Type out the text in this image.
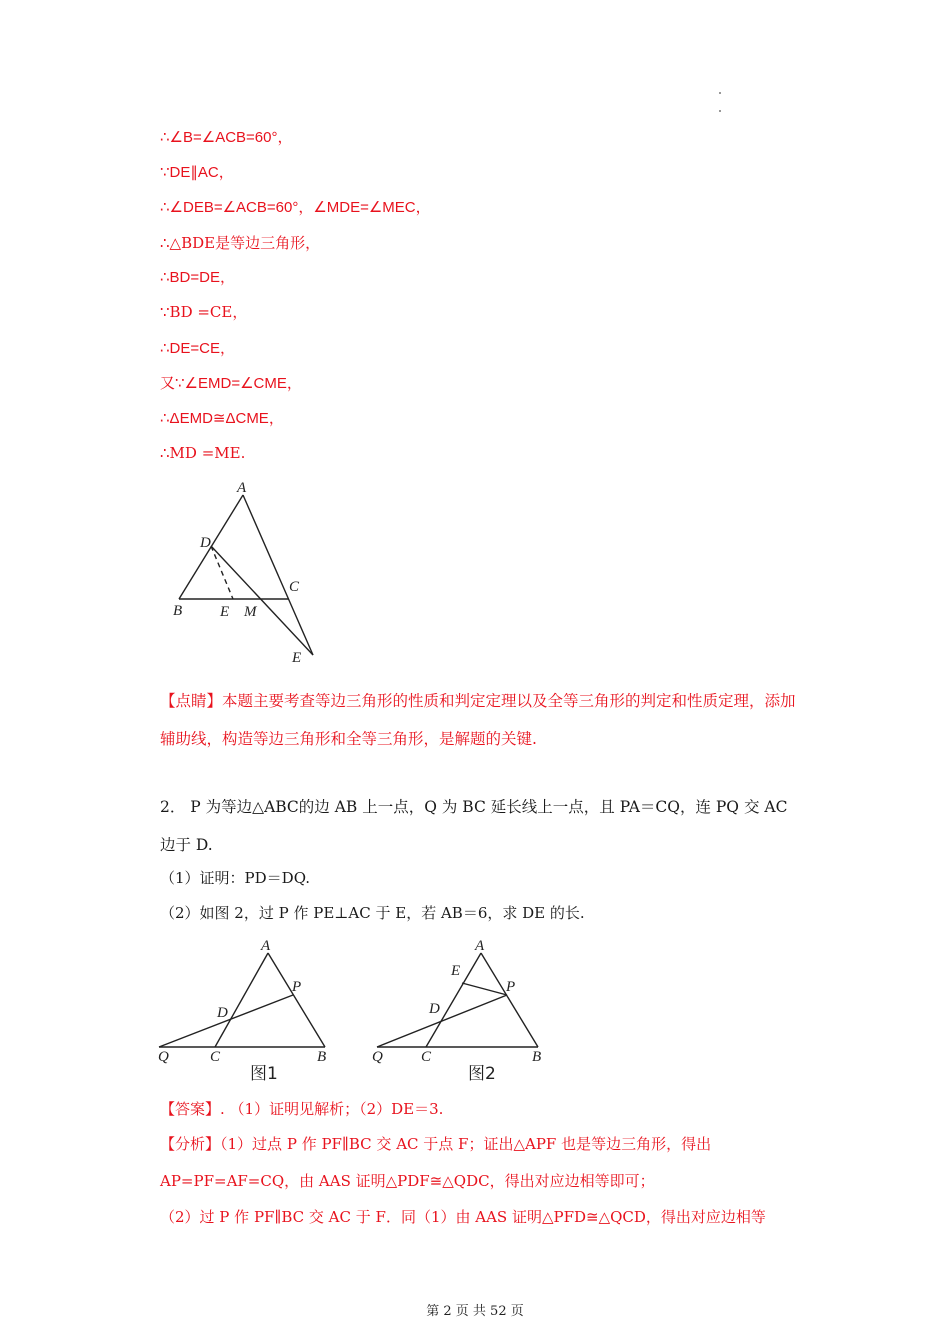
∴∠B=∠ACB=60°，
∵DE∥AC，
∴∠DEB=∠ACB=60°，∠MDE=∠MEC，
∴△BDE是等边三角形，
∴BD=DE，
∵BD =CE，
∴DE=CE，
又∵∠EMD=∠CME，
∴ΔEMD≅ΔCME，
∴MD =ME.
A
D
C
B	E M
E
【点睛】本题主要考查等边三角形的性质和判定定理以及全等三角形的判定和性质定理，添加辅助线，构造等边三角形和全等三角形，是解题的关键.
2． P 为等边△ABC的边 AB 上一点，Q 为 BC 延长线上一点，且 PA＝CQ，连 PQ 交 AC 边于 D.
（1）证明：PD＝DQ.
（2）如图 2，过 P 作 PE⊥AC 于 E，若 AB＝6，求 DE 的长.
A
P
D
Q	C	B
图1
A
E
P
D
Q	C	B
图2
【答案】. （1）证明见解析；（2）DE＝3.
【分析】（1）过点 P 作 PF∥BC 交 AC 于点 F；证出△APF 也是等边三角形，得出
AP=PF=AF=CQ，由 AAS 证明△PDF≅△QDC，得出对应边相等即可；
（2）过 P 作 PF∥BC 交 AC 于 F．同（1）由 AAS 证明△PFD≅△QCD，得出对应边相等
第 2 页 共 52 页
